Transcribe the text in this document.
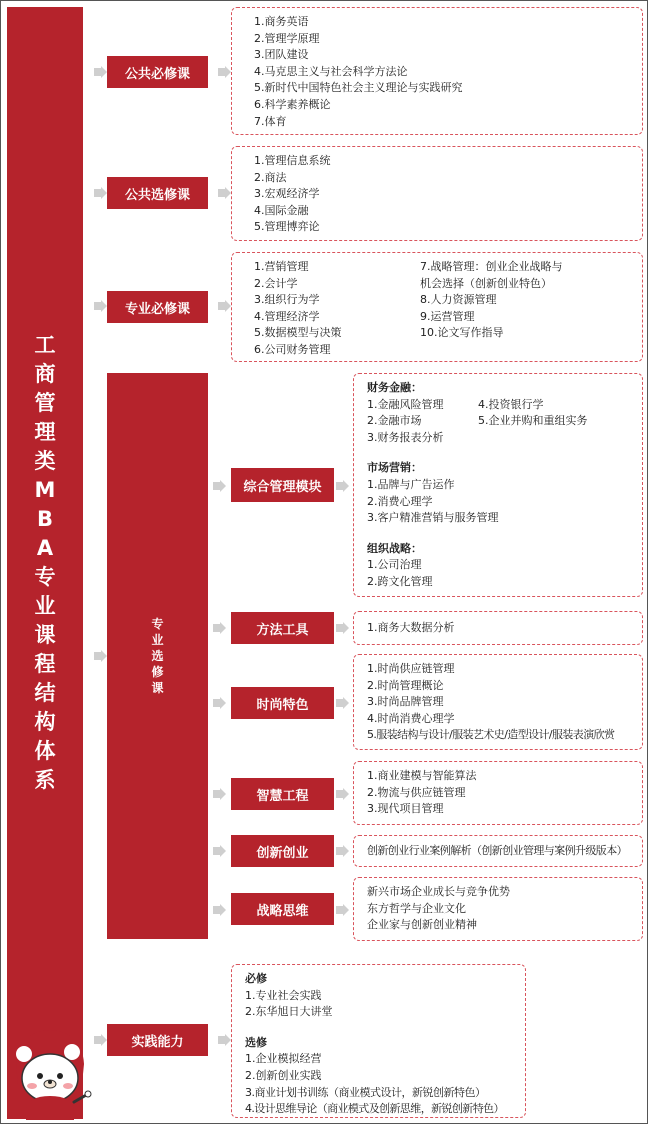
工商管理类MBA专业课程结构体系
公共必修课
1.商务英语
2.管理学原理
3.团队建设
4.马克思主义与社会科学方法论
5.新时代中国特色社会主义理论与实践研究
6.科学素养概论
7.体育
公共选修课
1.管理信息系统
2.商法
3.宏观经济学
4.国际金融
5.管理博弈论
专业必修课
1.营销管理
2.会计学
3.组织行为学
4.管理经济学
5.数据模型与决策
6.公司财务管理
7.战略管理：创业企业战略与
机会选择（创新创业特色）
8.人力资源管理
9.运营管理
10.论文写作指导
专业选修课
综合管理模块
财务金融：
1.金融风险管理
2.金融市场
3.财务报表分析
4.投资银行学
5.企业并购和重组实务
市场营销：
1.品牌与广告运作
2.消费心理学
3.客户精准营销与服务管理
组织战略：
1.公司治理
2.跨文化管理
方法工具	1.商务大数据分析
时尚特色
1.时尚供应链管理
2.时尚管理概论
3.时尚品牌管理
4.时尚消费心理学
5.服装结构与设计/服装艺术史/造型设计/服装表演欣赏
智慧工程
1.商业建模与智能算法
2.物流与供应链管理
3.现代项目管理
创新创业	创新创业行业案例解析（创新创业管理与案例升级版本）
战略思维
新兴市场企业成长与竞争优势
东方哲学与企业文化
企业家与创新创业精神
实践能力
必修
1.专业社会实践
2.东华旭日大讲堂
选修
1.企业模拟经营
2.创新创业实践
3.商业计划书训练（商业模式设计，新锐创新特色）
4.设计思维导论（商业模式及创新思维，新锐创新特色）
